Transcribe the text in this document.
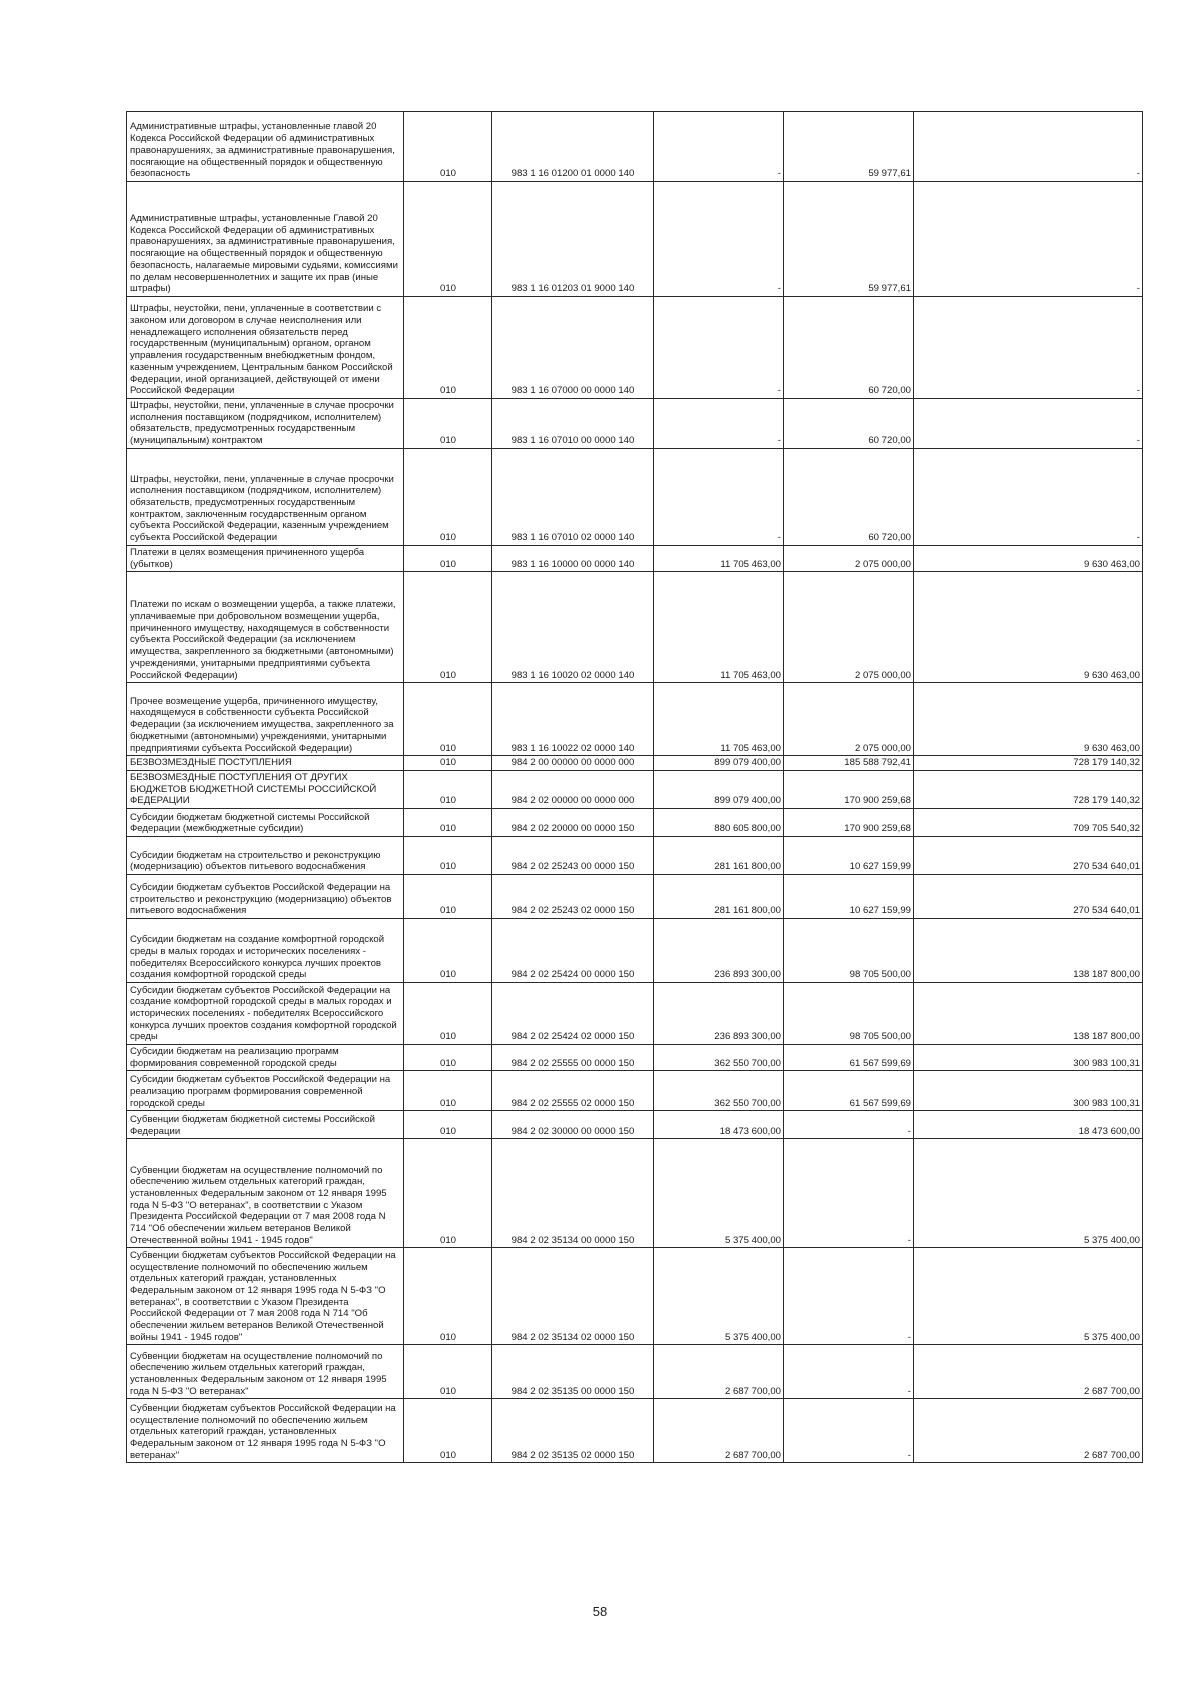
Административные штрафы, установленные главой 20 Кодекса Российской Федерации об административных правонарушениях, за административные правонарушения, посягающие на общественный порядок и общественную безопасность	010	983 1 16 01200 01 0000 140	-	59 977,61	-
Административные штрафы, установленные Главой 20 Кодекса Российской Федерации об административных правонарушениях, за административные правонарушения, посягающие на общественный порядок и общественную безопасность, налагаемые мировыми судьями, комиссиями по делам несовершеннолетних и защите их прав (иные штрафы)	010	983 1 16 01203 01 9000 140	-	59 977,61	-
Штрафы, неустойки, пени, уплаченные в соответствии с законом или договором в случае неисполнения или ненадлежащего исполнения обязательств перед государственным (муниципальным) органом, органом управления государственным внебюджетным фондом, казенным учреждением, Центральным банком Российской Федерации, иной организацией, действующей от имени Российской Федерации	010	983 1 16 07000 00 0000 140	-	60 720,00	-
Штрафы, неустойки, пени, уплаченные в случае просрочки исполнения поставщиком (подрядчиком, исполнителем) обязательств, предусмотренных государственным (муниципальным) контрактом	010	983 1 16 07010 00 0000 140	-	60 720,00	-
Штрафы, неустойки, пени, уплаченные в случае просрочки исполнения поставщиком (подрядчиком, исполнителем) обязательств, предусмотренных государственным контрактом, заключенным государственным органом субъекта Российской Федерации, казенным учреждением субъекта Российской Федерации	010	983 1 16 07010 02 0000 140	-	60 720,00	-
Платежи в целях возмещения причиненного ущерба (убытков)	010	983 1 16 10000 00 0000 140	11 705 463,00	2 075 000,00	9 630 463,00
Платежи по искам о возмещении ущерба, а также платежи, уплачиваемые при добровольном возмещении ущерба, причиненного имуществу, находящемуся в собственности субъекта Российской Федерации (за исключением имущества, закрепленного за бюджетными (автономными) учреждениями, унитарными предприятиями субъекта Российской Федерации)	010	983 1 16 10020 02 0000 140	11 705 463,00	2 075 000,00	9 630 463,00
Прочее возмещение ущерба, причиненного имуществу, находящемуся в собственности субъекта Российской Федерации (за исключением имущества, закрепленного за бюджетными (автономными) учреждениями, унитарными предприятиями субъекта Российской Федерации)	010	983 1 16 10022 02 0000 140	11 705 463,00	2 075 000,00	9 630 463,00
БЕЗВОЗМЕЗДНЫЕ ПОСТУПЛЕНИЯ	010	984 2 00 00000 00 0000 000	899 079 400,00	185 588 792,41	728 179 140,32
БЕЗВОЗМЕЗДНЫЕ ПОСТУПЛЕНИЯ ОТ ДРУГИХ БЮДЖЕТОВ БЮДЖЕТНОЙ СИСТЕМЫ РОССИЙСКОЙ ФЕДЕРАЦИИ	010	984 2 02 00000 00 0000 000	899 079 400,00	170 900 259,68	728 179 140,32
Субсидии бюджетам бюджетной системы Российской Федерации (межбюджетные субсидии)	010	984 2 02 20000 00 0000 150	880 605 800,00	170 900 259,68	709 705 540,32
Субсидии бюджетам на строительство и реконструкцию (модернизацию) объектов питьевого водоснабжения	010	984 2 02 25243 00 0000 150	281 161 800,00	10 627 159,99	270 534 640,01
Субсидии бюджетам субъектов Российской Федерации на строительство и реконструкцию (модернизацию) объектов питьевого водоснабжения	010	984 2 02 25243 02 0000 150	281 161 800,00	10 627 159,99	270 534 640,01
Субсидии бюджетам на создание комфортной городской среды в малых городах и исторических поселениях - победителях Всероссийского конкурса лучших проектов создания комфортной городской среды	010	984 2 02 25424 00 0000 150	236 893 300,00	98 705 500,00	138 187 800,00
Субсидии бюджетам субъектов Российской Федерации на создание комфортной городской среды в малых городах и исторических поселениях - победителях Всероссийского конкурса лучших проектов создания комфортной городской среды	010	984 2 02 25424 02 0000 150	236 893 300,00	98 705 500,00	138 187 800,00
Субсидии бюджетам на реализацию программ формирования современной городской среды	010	984 2 02 25555 00 0000 150	362 550 700,00	61 567 599,69	300 983 100,31
Субсидии бюджетам субъектов Российской Федерации на реализацию программ формирования современной городской среды	010	984 2 02 25555 02 0000 150	362 550 700,00	61 567 599,69	300 983 100,31
Субвенции бюджетам бюджетной системы Российской Федерации	010	984 2 02 30000 00 0000 150	18 473 600,00	-	18 473 600,00
Субвенции бюджетам на осуществление полномочий по обеспечению жильем отдельных категорий граждан, установленных Федеральным законом от 12 января 1995 года N 5-ФЗ "О ветеранах", в соответствии с Указом Президента Российской Федерации от 7 мая 2008 года N 714 "Об обеспечении жильем ветеранов Великой Отечественной войны 1941 - 1945 годов"	010	984 2 02 35134 00 0000 150	5 375 400,00	-	5 375 400,00
Субвенции бюджетам субъектов Российской Федерации на осуществление полномочий по обеспечению жильем отдельных категорий граждан, установленных Федеральным законом от 12 января 1995 года N 5-ФЗ "О ветеранах", в соответствии с Указом Президента Российской Федерации от 7 мая 2008 года N 714 "Об обеспечении жильем ветеранов Великой Отечественной войны 1941 - 1945 годов"	010	984 2 02 35134 02 0000 150	5 375 400,00	-	5 375 400,00
Субвенции бюджетам на осуществление полномочий по обеспечению жильем отдельных категорий граждан, установленных Федеральным законом от 12 января 1995 года N 5-ФЗ "О ветеранах"	010	984 2 02 35135 00 0000 150	2 687 700,00	-	2 687 700,00
Субвенции бюджетам субъектов Российской Федерации на осуществление полномочий по обеспечению жильем отдельных категорий граждан, установленных Федеральным законом от 12 января 1995 года N 5-ФЗ "О ветеранах"	010	984 2 02 35135 02 0000 150	2 687 700,00	-	2 687 700,00
58
